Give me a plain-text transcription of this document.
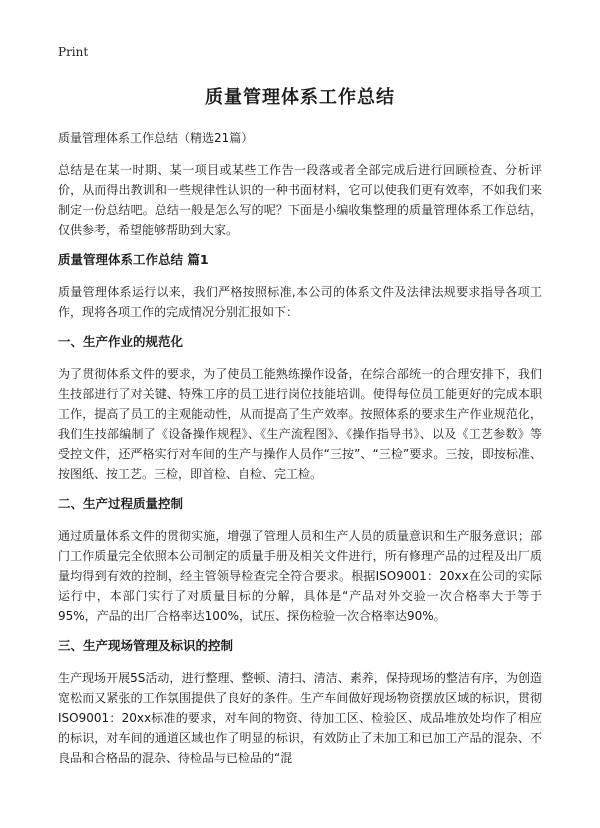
Print
质量管理体系工作总结
质量管理体系工作总结（精选21篇）
总结是在某一时期、某一项目或某些工作告一段落或者全部完成后进行回顾检查、分析评价，从而得出教训和一些规律性认识的一种书面材料，它可以使我们更有效率，不如我们来制定一份总结吧。总结一般是怎么写的呢？下面是小编收集整理的质量管理体系工作总结，仅供参考，希望能够帮助到大家。
质量管理体系工作总结 篇1
质量管理体系运行以来，我们严格按照标准,本公司的体系文件及法律法规要求指导各项工作，现将各项工作的完成情况分别汇报如下：
一、生产作业的规范化
为了贯彻体系文件的要求，为了使员工能熟练操作设备，在综合部统一的合理安排下，我们生技部进行了对关键、特殊工序的员工进行岗位技能培训。使得每位员工能更好的完成本职工作，提高了员工的主观能动性，从而提高了生产效率。按照体系的要求生产作业规范化，我们生技部编制了《设备操作规程》、《生产流程图》、《操作指导书》、以及《工艺参数》等受控文件，还严格实行对车间的生产与操作人员作“三按”、“三检”要求。三按，即按标准、按图纸、按工艺。三检，即首检、自检、完工检。
二、生产过程质量控制
通过质量体系文件的贯彻实施，增强了管理人员和生产人员的质量意识和生产服务意识；部门工作质量完全依照本公司制定的质量手册及相关文件进行，所有修理产品的过程及出厂质量均得到有效的控制，经主管领导检查完全符合要求。根据ISO9001：20xx在公司的实际运行中，本部门实行了对质量目标的分解，具体是“产品对外交验一次合格率大于等于95%，产品的出厂合格率达100%，试压、探伤检验一次合格率达90%。
三、生产现场管理及标识的控制
生产现场开展5S活动，进行整理、整顿、清扫、清洁、素养，保持现场的整洁有序，为创造宽松而又紧张的工作氛围提供了良好的条件。生产车间做好现场物资摆放区域的标识，贯彻ISO9001：20xx标准的要求，对车间的物资、待加工区、检验区、成品堆放处均作了相应的标识，对车间的通道区域也作了明显的标识，有效防止了未加工和已加工产品的混杂、不良品和合格品的混杂、待检品与已检品的“混
